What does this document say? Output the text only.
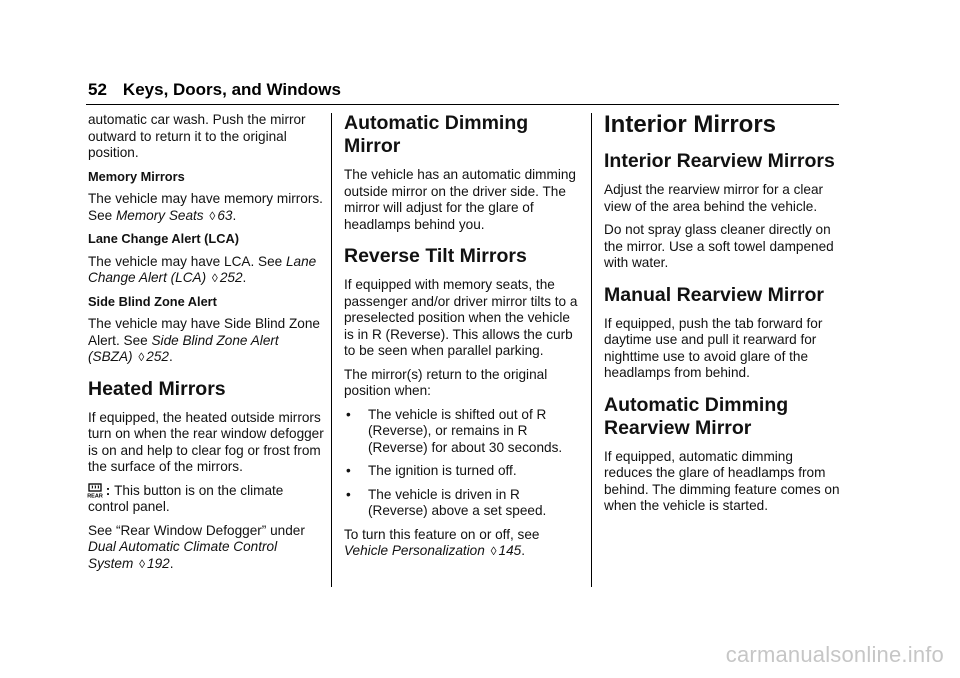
52 Keys, Doors, and Windows

automatic car wash. Push the mirror outward to return it to the original position.

Memory Mirrors

The vehicle may have memory mirrors. See Memory Seats ◊ 63.

Lane Change Alert (LCA)

The vehicle may have LCA. See Lane Change Alert (LCA) ◊ 252.

Side Blind Zone Alert

The vehicle may have Side Blind Zone Alert. See Side Blind Zone Alert (SBZA) ◊ 252.

Heated Mirrors

If equipped, the heated outside mirrors turn on when the rear window defogger is on and help to clear fog or frost from the surface of the mirrors.

REAR : This button is on the climate control panel.

See “Rear Window Defogger” under Dual Automatic Climate Control System ◊ 192.

Automatic Dimming Mirror

The vehicle has an automatic dimming outside mirror on the driver side. The mirror will adjust for the glare of headlamps behind you.

Reverse Tilt Mirrors

If equipped with memory seats, the passenger and/or driver mirror tilts to a preselected position when the vehicle is in R (Reverse). This allows the curb to be seen when parallel parking.

The mirror(s) return to the original position when:

•	The vehicle is shifted out of R (Reverse), or remains in R (Reverse) for about 30 seconds.
•	The ignition is turned off.
•	The vehicle is driven in R (Reverse) above a set speed.

To turn this feature on or off, see Vehicle Personalization ◊ 145.

Interior Mirrors
Interior Rearview Mirrors

Adjust the rearview mirror for a clear view of the area behind the vehicle.

Do not spray glass cleaner directly on the mirror. Use a soft towel dampened with water.

Manual Rearview Mirror

If equipped, push the tab forward for daytime use and pull it rearward for nighttime use to avoid glare of the headlamps from behind.

Automatic Dimming Rearview Mirror

If equipped, automatic dimming reduces the glare of headlamps from behind. The dimming feature comes on when the vehicle is started.

carmanualsonline.info
